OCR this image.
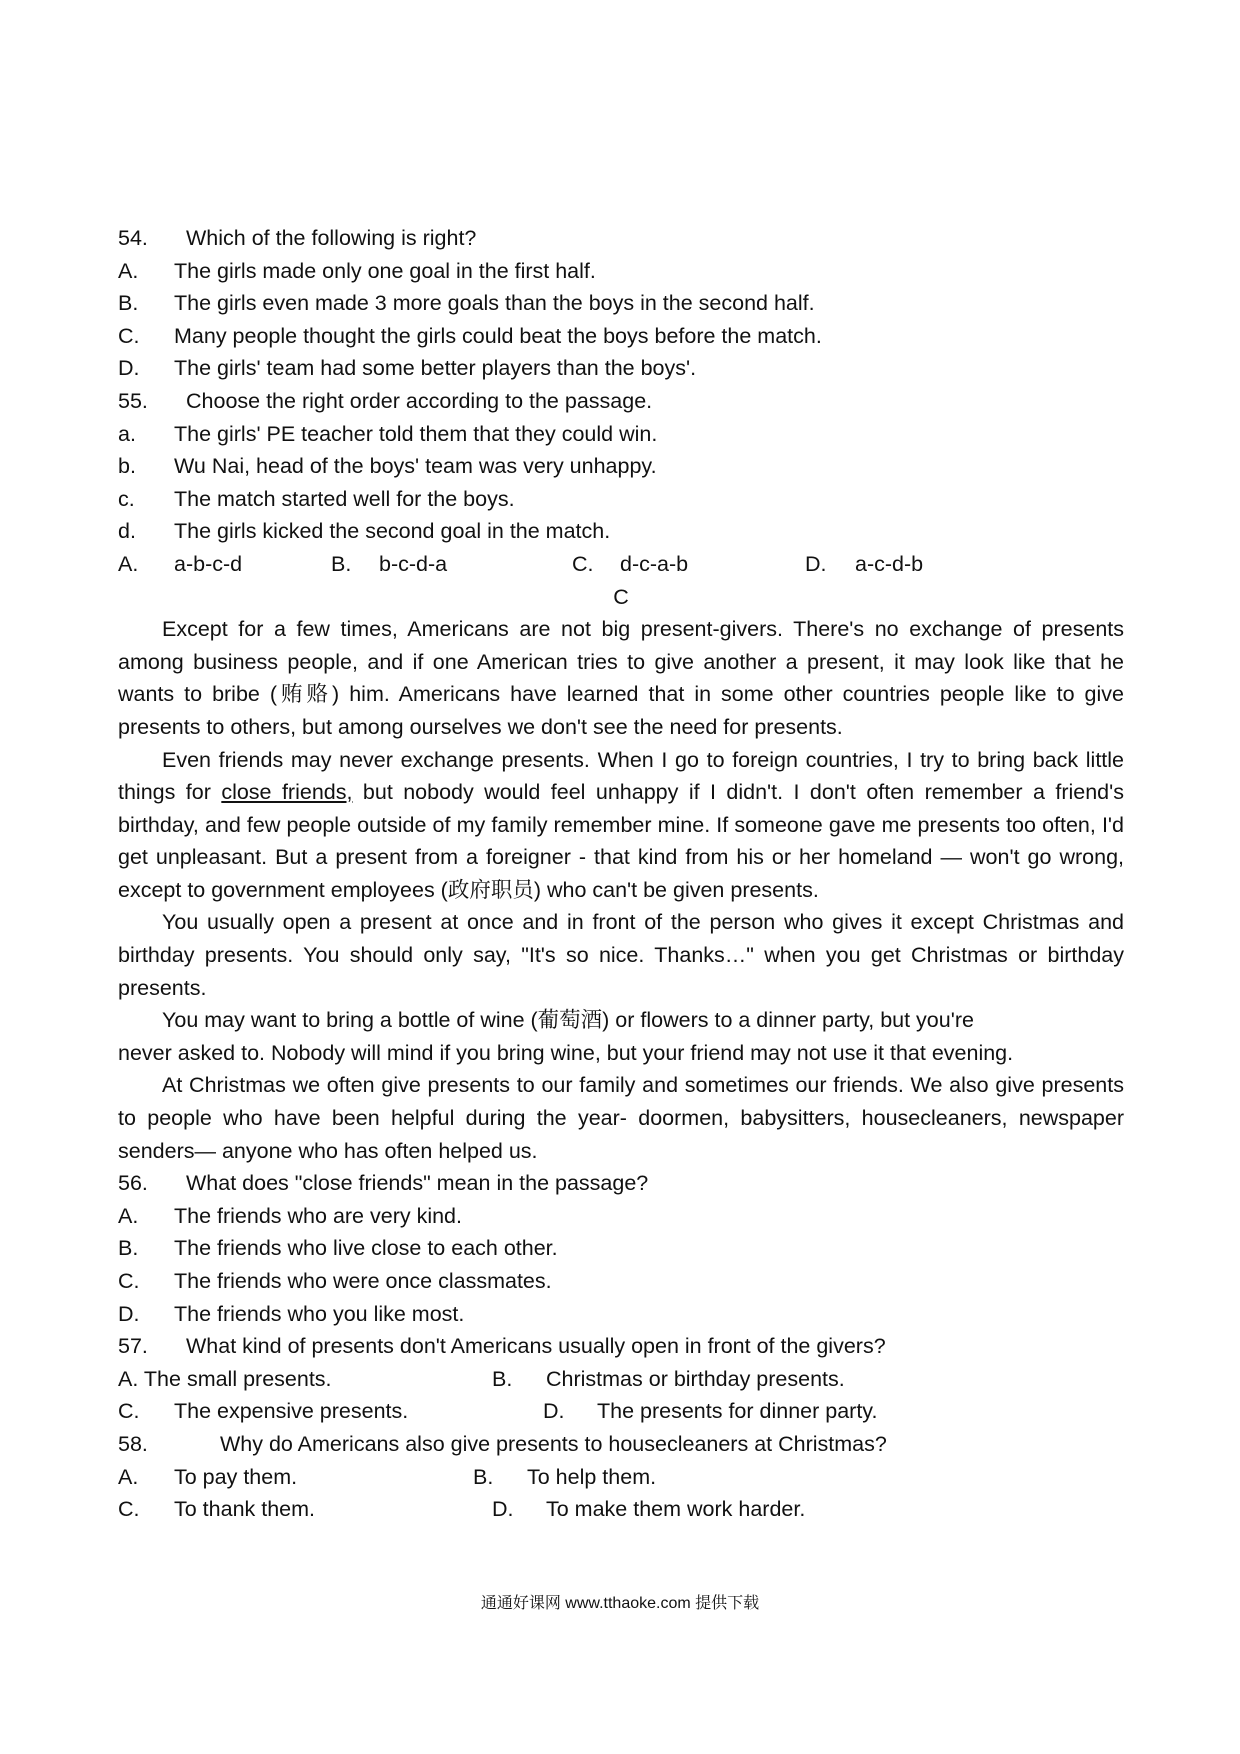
54. Which of the following is right?
A. The girls made only one goal in the first half.
B. The girls even made 3 more goals than the boys in the second half.
C. Many people thought the girls could beat the boys before the match.
D. The girls' team had some better players than the boys'.
55. Choose the right order according to the passage.
a. The girls' PE teacher told them that they could win.
b. Wu Nai, head of the boys' team was very unhappy.
c. The match started well for the boys.
d. The girls kicked the second goal in the match.
A. a-b-c-d	B. b-c-d-a	C. d-c-a-b	D. a-c-d-b
C

Except for a few times, Americans are not big present-givers. There's no exchange of presents among business people, and if one American tries to give another a present, it may look like that he wants to bribe (贿赂) him. Americans have learned that in some other countries people like to give presents to others, but among ourselves we don't see the need for presents.

Even friends may never exchange presents. When I go to foreign countries, I try to bring back little things for close friends, but nobody would feel unhappy if I didn't. I don't often remember a friend's birthday, and few people outside of my family remember mine. If someone gave me presents too often, I'd get unpleasant. But a present from a foreigner - that kind from his or her homeland — won't go wrong, except to government employees (政府职员) who can't be given presents.

You usually open a present at once and in front of the person who gives it except Christmas and birthday presents. You should only say, "It's so nice. Thanks…" when you get Christmas or birthday presents.

You may want to bring a bottle of wine (葡萄酒) or flowers to a dinner party, but you're
never asked to. Nobody will mind if you bring wine, but your friend may not use it that evening.

At Christmas we often give presents to our family and sometimes our friends. We also give presents to people who have been helpful during the year- doormen, babysitters, housecleaners, newspaper senders— anyone who has often helped us.

56. What does "close friends" mean in the passage?
A. The friends who are very kind.
B. The friends who live close to each other.
C. The friends who were once classmates.
D. The friends who you like most.
57. What kind of presents don't Americans usually open in front of the givers?
A. The small presents.	B. Christmas or birthday presents.
C. The expensive presents.	D. The presents for dinner party.
58.	Why do Americans also give presents to housecleaners at Christmas?
A. To pay them.	B. To help them.
C. To thank them.	D. To make them work harder.
通通好课网 www.tthaoke.com 提供下载
